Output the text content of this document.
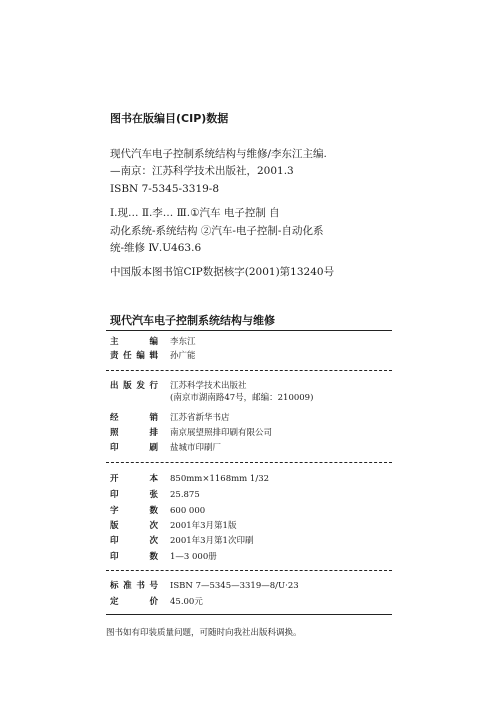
图书在版编目(CIP)数据
现代汽车电子控制系统结构与维修/李东江主编.
—南京：江苏科学技术出版社，2001.3
ISBN 7-5345-3319-8
Ⅰ.现… Ⅱ.李… Ⅲ.①汽车 电子控制 自
动化系统-系统结构 ②汽车-电子控制-自动化系
统-维修 Ⅳ.U463.6
中国版本图书馆CIP数据核字(2001)第13240号
现代汽车电子控制系统结构与维修
主编 李东江
责任编辑 孙广能
出版发行 江苏科学技术出版社
(南京市湖南路47号，邮编：210009)
经销 江苏省新华书店
照排 南京展望照排印刷有限公司
印刷 盐城市印刷厂
开本 850mm×1168mm 1/32
印张 25.875
字数 600 000
版次 2001年3月第1版
印次 2001年3月第1次印刷
印数 1—3 000册
标准书号 ISBN 7—5345—3319—8/U·23
定价 45.00元
图书如有印装质量问题，可随时向我社出版科调换。
